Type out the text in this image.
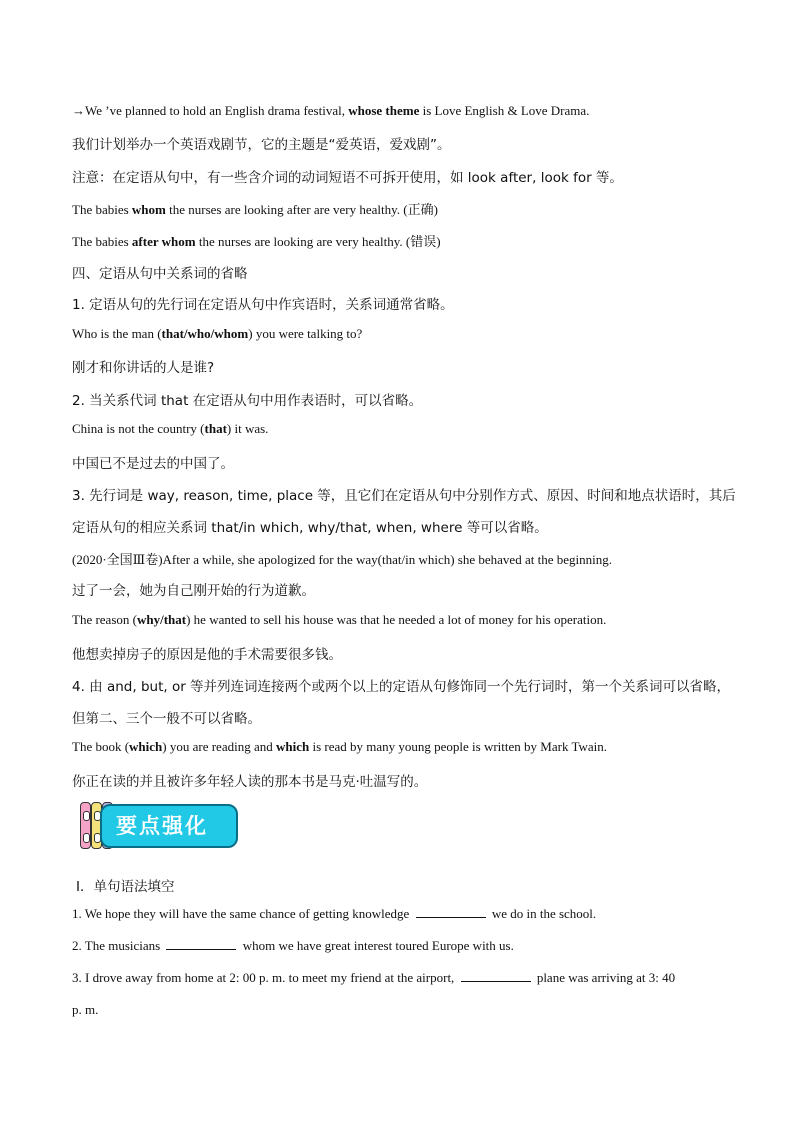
→We ’ve planned to hold an English drama festival, whose theme is Love English & Love Drama.
我们计划举办一个英语戏剧节，它的主题是“爱英语，爱戏剧”。
注意：在定语从句中，有一些含介词的动词短语不可拆开使用，如 look after, look for 等。
The babies whom the nurses are looking after are very healthy. (正确)
The babies after whom the nurses are looking are very healthy. (错误)
四、定语从句中关系词的省略
1. 定语从句的先行词在定语从句中作宾语时，关系词通常省略。
Who is the man (that/who/whom) you were talking to?
刚才和你讲话的人是谁?
2. 当关系代词 that 在定语从句中用作表语时，可以省略。
China is not the country (that) it was.
中国已不是过去的中国了。
3. 先行词是 way, reason, time, place 等，且它们在定语从句中分别作方式、原因、时间和地点状语时，其后
定语从句的相应关系词 that/in which, why/that, when, where 等可以省略。
(2020·全国Ⅲ卷)After a while, she apologized for the way(that/in which) she behaved at the beginning.
过了一会，她为自己刚开始的行为道歉。
The reason (why/that) he wanted to sell his house was that he needed a lot of money for his operation.
他想卖掉房子的原因是他的手术需要很多钱。
4. 由 and, but, or 等并列连词连接两个或两个以上的定语从句修饰同一个先行词时，第一个关系词可以省略，
但第二、三个一般不可以省略。
The book (which) you are reading and which is read by many young people is written by Mark Twain.
你正在读的并且被许多年轻人读的那本书是马克·吐温写的。
要点强化
Ⅰ．单句语法填空
1. We hope they will have the same chance of getting knowledge	we do in the school.
2. The musicians	whom we have great interest toured Europe with us.
3. I drove away from home at 2: 00 p. m. to meet my friend at the airport,	plane was arriving at 3: 40
p. m.
